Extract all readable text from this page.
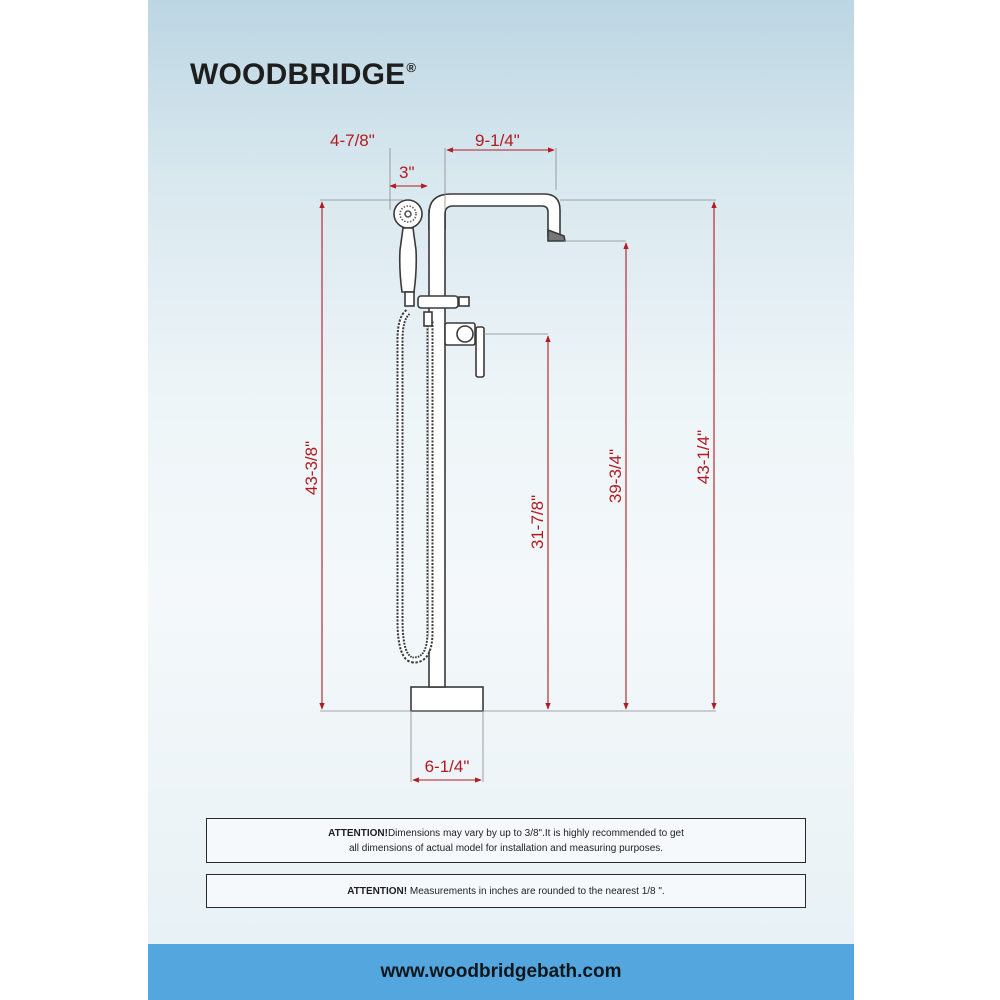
WOODBRIDGE®
4-7/8"	9-1/4"
3"
43-3/8"
31-7/8"
39-3/4"	43-1/4"
6-1/4"
ATTENTION!Dimensions may vary by up to 3/8".It is highly recommended to get
all dimensions of actual model for installation and measuring purposes.
ATTENTION! Measurements in inches are rounded to the nearest 1/8 ".
www.woodbridgebath.com
